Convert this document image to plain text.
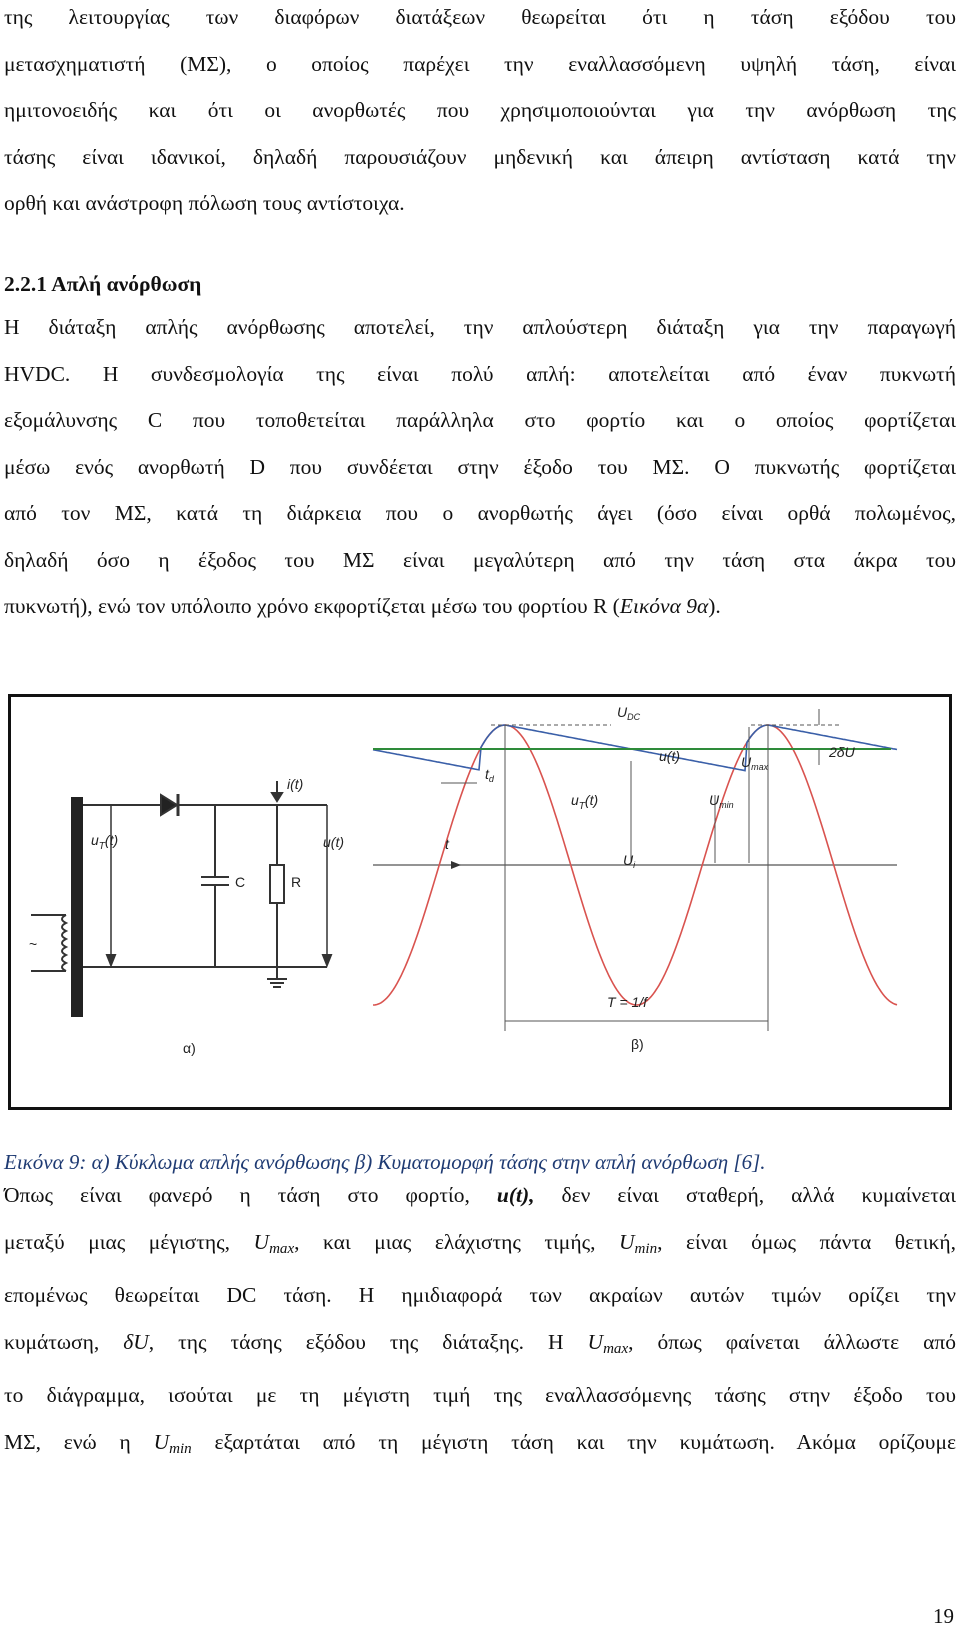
της λειτουργίας των διαφόρων διατάξεων θεωρείται ότι η τάση εξόδου του
μετασχηματιστή (ΜΣ), ο οποίος παρέχει την εναλλασσόμενη υψηλή τάση, είναι
ημιτονοειδής και ότι οι ανορθωτές που χρησιμοποιούνται για την ανόρθωση της
τάσης είναι ιδανικοί, δηλαδή παρουσιάζουν μηδενική και άπειρη αντίσταση κατά την
ορθή και ανάστροφη πόλωση τους αντίστοιχα.
2.2.1 Απλή ανόρθωση
Η διάταξη απλής ανόρθωσης αποτελεί, την απλούστερη διάταξη για την παραγωγή
HVDC. Η συνδεσμολογία της είναι πολύ απλή: αποτελείται από έναν πυκνωτή
εξομάλυνσης C που τοποθετείται παράλληλα στο φορτίο και ο οποίος φορτίζεται
μέσω ενός ανορθωτή D που συνδέεται στην έξοδο του ΜΣ. Ο πυκνωτής φορτίζεται
από τον ΜΣ, κατά τη διάρκεια που ο ανορθωτής άγει (όσο είναι ορθά πολωμένος,
δηλαδή όσο η έξοδος του ΜΣ είναι μεγαλύτερη από την τάση στα άκρα του
πυκνωτή), ενώ τον υπόλοιπο χρόνο εκφορτίζεται μέσω του φορτίου R (Εικόνα 9α).
$u_T(t)$
i(t)
C	R
u(t)
~
α)
$U_{DC}$
$t_d$
$u_T(t)$
u(t)	$U_{max}$
$U_{min}$
$U_i$
2δU
t
T = 1/f
β)

Εικόνα 9: α) Κύκλωμα απλής ανόρθωσης β) Κυματομορφή τάσης στην απλή ανόρθωση [6].

Όπως είναι φανερό η τάση στο φορτίο, u(t), δεν είναι σταθερή, αλλά κυμαίνεται
μεταξύ μιας μέγιστης, $U_{max}$, και μιας ελάχιστης τιμής, $U_{min}$, είναι όμως πάντα θετική,
επομένως θεωρείται DC τάση. Η ημιδιαφορά των ακραίων αυτών τιμών ορίζει την
κυμάτωση, δU, της τάσης εξόδου της διάταξης. Η $U_{max}$, όπως φαίνεται άλλωστε από
το διάγραμμα, ισούται με τη μέγιστη τιμή της εναλλασσόμενης τάσης στην έξοδο του
ΜΣ, ενώ η $U_{min}$ εξαρτάται από τη μέγιστη τάση και την κυμάτωση. Ακόμα ορίζουμε
19
